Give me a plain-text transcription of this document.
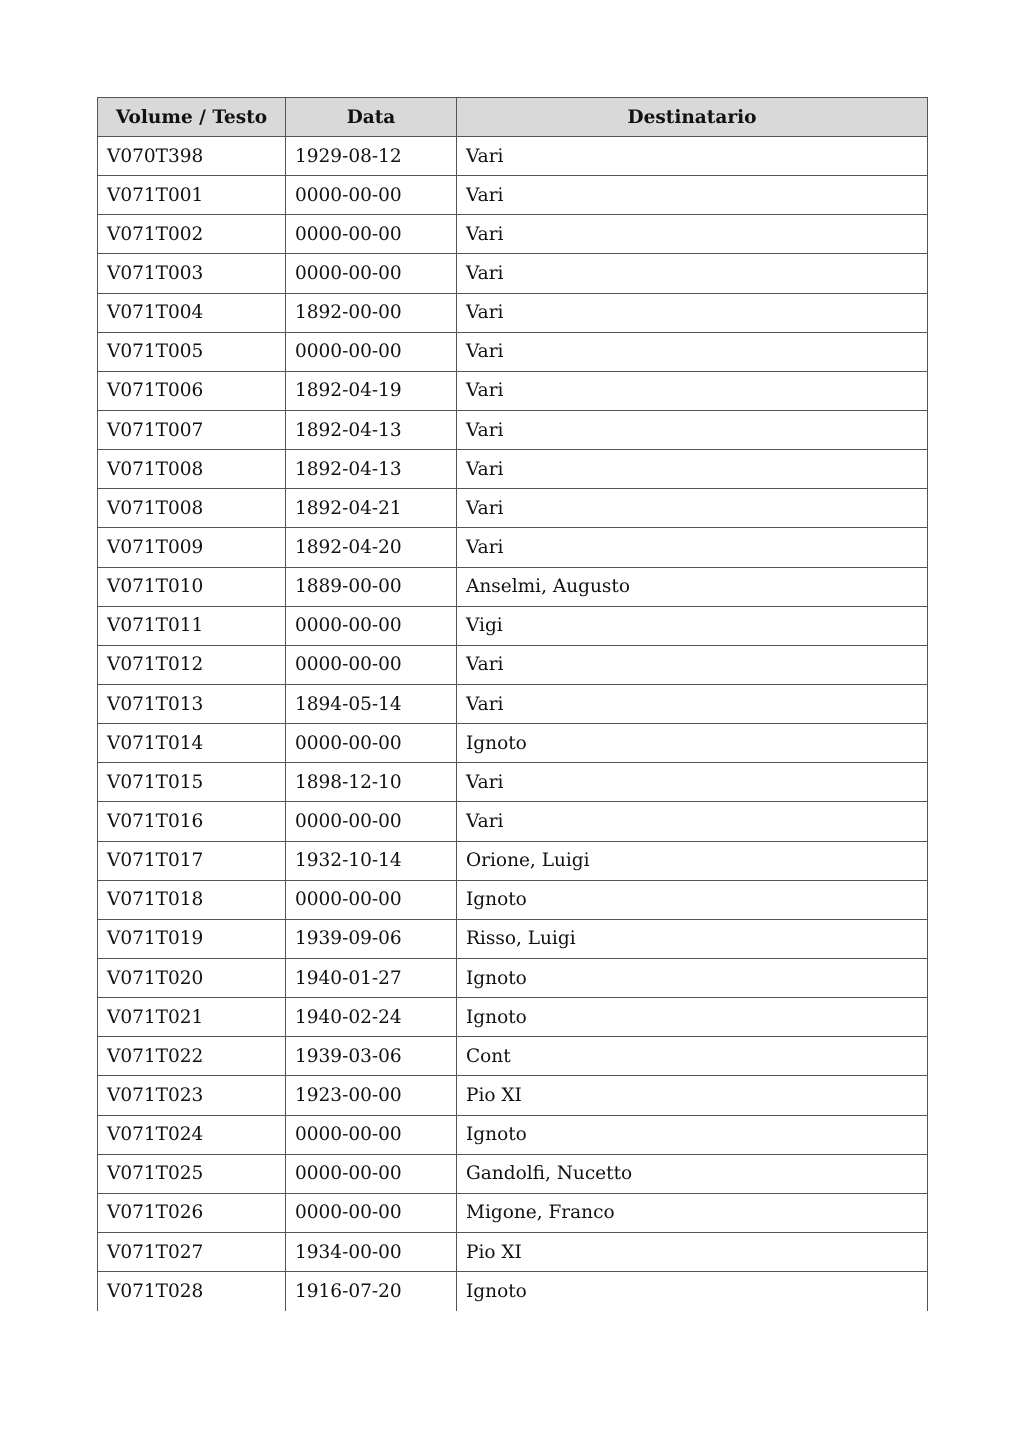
Volume / Testo	Data	Destinatario
V070T398	1929-08-12	Vari
V071T001	0000-00-00	Vari
V071T002	0000-00-00	Vari
V071T003	0000-00-00	Vari
V071T004	1892-00-00	Vari
V071T005	0000-00-00	Vari
V071T006	1892-04-19	Vari
V071T007	1892-04-13	Vari
V071T008	1892-04-13	Vari
V071T008	1892-04-21	Vari
V071T009	1892-04-20	Vari
V071T010	1889-00-00	Anselmi, Augusto
V071T011	0000-00-00	Vigi
V071T012	0000-00-00	Vari
V071T013	1894-05-14	Vari
V071T014	0000-00-00	Ignoto
V071T015	1898-12-10	Vari
V071T016	0000-00-00	Vari
V071T017	1932-10-14	Orione, Luigi
V071T018	0000-00-00	Ignoto
V071T019	1939-09-06	Risso, Luigi
V071T020	1940-01-27	Ignoto
V071T021	1940-02-24	Ignoto
V071T022	1939-03-06	Cont
V071T023	1923-00-00	Pio XI
V071T024	0000-00-00	Ignoto
V071T025	0000-00-00	Gandolfi, Nucetto
V071T026	0000-00-00	Migone, Franco
V071T027	1934-00-00	Pio XI
V071T028	1916-07-20	Ignoto
